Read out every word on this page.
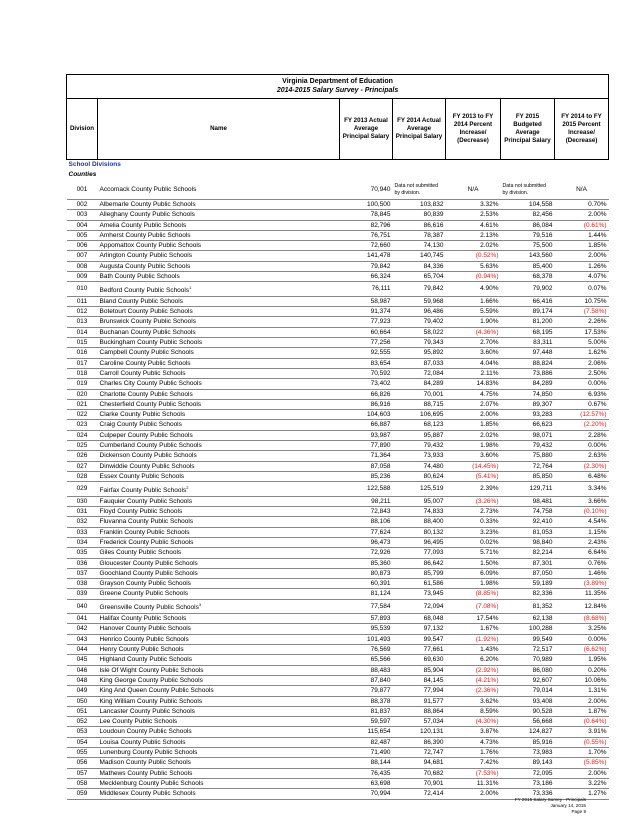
Virginia Department of Education						
2014-2015 Salary Survey - Principals						
Division	Name	FY 2013 Actual Average Principal Salary	FY 2014 Actual Average Principal Salary	FY 2013 to FY 2014 Percent Increase/ (Decrease)	FY 2015 Budgeted Average Principal Salary	FY 2014 to FY 2015 Percent Increase/ (Decrease)
School Divisions						
Counties						
001	Accomack County Public Schools	70,940	Data not submitted by division.	N/A	Data not submitted by division.	N/A
002	Albemarle County Public Schools	100,500	103,832	3.32%	104,558	0.70%
003	Alleghany County Public Schools	78,845	80,839	2.53%	82,456	2.00%
004	Amelia County Public Schools	82,796	86,616	4.61%	86,084	(0.61%)
005	Amherst County Public Schools	76,751	78,387	2.13%	79,516	1.44%
006	Appomattox County Public Schools	72,660	74,130	2.02%	75,500	1.85%
007	Arlington County Public Schools	141,478	140,745	(0.52%)	143,560	2.00%
008	Augusta County Public Schools	79,842	84,336	5.63%	85,400	1.26%
009	Bath County Public Schools	66,324	65,704	(0.94%)	68,378	4.07%
010	Bedford County Public Schools$^1$	76,111	79,842	4.90%	79,902	0.07%
011	Bland County Public Schools	58,987	59,968	1.66%	66,416	10.75%
012	Botetourt County Public Schools	91,374	96,486	5.59%	89,174	(7.58%)
013	Brunswick County Public Schools	77,923	79,402	1.90%	81,200	2.26%
014	Buchanan County Public Schools	60,664	58,022	(4.36%)	68,195	17.53%
015	Buckingham County Public Schools	77,256	79,343	2.70%	83,311	5.00%
016	Campbell County Public Schools	92,555	95,892	3.60%	97,448	1.62%
017	Caroline County Public Schools	83,654	87,033	4.04%	88,824	2.06%
018	Carroll County Public Schools	70,592	72,084	2.11%	73,886	2.50%
019	Charles City County Public Schools	73,402	84,289	14.83%	84,289	0.00%
020	Charlotte County Public Schools	66,826	70,001	4.75%	74,850	6.93%
021	Chesterfield County Public Schools	86,916	88,715	2.07%	89,307	0.67%
022	Clarke County Public Schools	104,603	106,695	2.00%	93,283	(12.57%)
023	Craig County Public Schools	66,887	68,123	1.85%	66,623	(2.20%)
024	Culpeper County Public Schools	93,987	95,887	2.02%	98,071	2.28%
025	Cumberland County Public Schools	77,890	79,432	1.98%	79,432	0.00%
026	Dickenson County Public Schools	71,364	73,933	3.60%	75,880	2.63%
027	Dinwiddie County Public Schools	87,058	74,480	(14.45%)	72,764	(2.30%)
028	Essex County Public Schools	85,236	80,624	(5.41%)	85,850	6.48%
029	Fairfax County Public Schools$^2$	122,588	125,519	2.39%	129,711	3.34%
030	Fauquier County Public Schools	98,211	95,007	(3.26%)	98,481	3.66%
031	Floyd County Public Schools	72,843	74,833	2.73%	74,758	(0.10%)
032	Fluvanna County Public Schools	88,106	88,400	0.33%	92,410	4.54%
033	Franklin County Public Schools	77,624	80,132	3.23%	81,053	1.15%
034	Frederick County Public Schools	96,473	96,495	0.02%	98,840	2.43%
035	Giles County Public Schools	72,926	77,093	5.71%	82,214	6.64%
036	Gloucester County Public Schools	85,360	86,642	1.50%	87,301	0.76%
037	Goochland County Public Schools	80,873	85,799	6.09%	87,050	1.46%
038	Grayson County Public Schools	60,391	61,586	1.98%	59,189	(3.89%)
039	Greene County Public Schools	81,124	73,945	(8.85%)	82,336	11.35%
040	Greensville County Public Schools$^3$	77,584	72,094	(7.08%)	81,352	12.84%
041	Halifax County Public Schools	57,893	68,048	17.54%	62,138	(8.68%)
042	Hanover County Public Schools	95,539	97,132	1.67%	100,288	3.25%
043	Henrico County Public Schools	101,493	99,547	(1.92%)	99,549	0.00%
044	Henry County Public Schools	76,569	77,661	1.43%	72,517	(6.62%)
045	Highland County Public Schools	65,566	69,630	6.20%	70,989	1.95%
046	Isle Of Wight County Public Schools	88,483	85,904	(2.92%)	86,080	0.20%
048	King George County Public Schools	87,840	84,145	(4.21%)	92,607	10.06%
049	King And Queen County Public Schools	79,877	77,994	(2.36%)	79,014	1.31%
050	King William County Public Schools	88,378	91,577	3.62%	93,408	2.00%
051	Lancaster County Public Schools	81,837	88,864	8.59%	90,528	1.87%
052	Lee County Public Schools	59,597	57,034	(4.30%)	56,668	(0.64%)
053	Loudoun County Public Schools	115,654	120,131	3.87%	124,827	3.91%
054	Louisa County Public Schools	82,487	86,390	4.73%	85,916	(0.55%)
055	Lunenburg County Public Schools	71,490	72,747	1.76%	73,983	1.70%
056	Madison County Public Schools	88,144	94,681	7.42%	89,143	(5.85%)
057	Mathews County Public Schools	76,435	70,682	(7.53%)	72,095	2.00%
058	Mecklenburg County Public Schools	63,698	70,901	11.31%	73,186	3.22%
059	Middlesex County Public Schools	70,994	72,414	2.00%	73,336	1.27%
FY 2015 Salary Survey - Principals
January 14, 2015
Page 9
